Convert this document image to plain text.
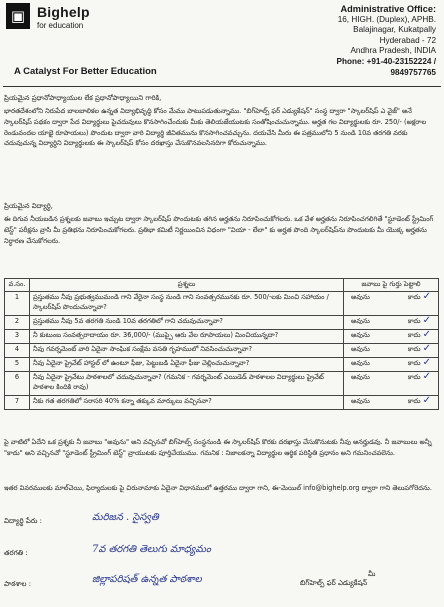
▣ Bighelp
for education
A Catalyst For Better Education
Administrative Office:
16, HIGH. (Duplex), APHB.
Balajinagar, Kukatpally
Hyderabad - 72
Andhra Pradesh, INDIA
Phone: +91-40-23152224 / 9849757765
ప్రియమైన ప్రధానోపాధ్యాయుల లేక ప్రధానోపాధ్యాయిని గారికి,
భారతదేశంలోని నిరుపేద బాలబాలికల ఉన్నత విద్యాభివృద్ధి కోసం మేము పాటుపడుతున్నాము. "బిగ్‌హెల్ప్ ఫర్ ఎడ్యుకేషన్" సంస్థ ద్వారా "స్కాలర్‌షిప్ ఎ వైజ్" అనే స్కాలర్‌షిప్ పథకం ద్వారా పేద విద్యార్థులు పైచదువులు కొనసాగించేందుకు మీకు తెలియజేయుటకు సంతోషించుచున్నాము. అర్హత గల విద్యార్థులకు రూ. 250/- (అక్షరాల రెండువందల యాభై రూపాయలు) పొందుట ద్వారా వారి విద్యార్థి జీవితమును కొనసాగించవచ్చును. దయచేసి మీరు ఈ పత్రములోని 5 నుండి 10వ తరగతి వరకు చదువుచున్న విద్యార్థిని విద్యార్థులకు ఈ స్కాలర్‌షిప్ కోసం దరఖాస్తు చేసుకొనవలసినదిగా కోరుచున్నాము.
ప్రియమైన విద్యార్థి,
ఈ దిగువ నీయబడిన ప్రశ్నలకు జవాబు ఇచ్చుట ద్వారా స్కాలర్‌షిప్ పొందుటకు తగిన అర్హతను నిరూపించుకోగలరు. ఒక వేళ అర్హతను నిరూపించగలిగితే "స్టూడెంట్ స్ట్రీమింగ్ టెస్ట్" పరీక్షను వ్రాసి మీ ప్రతిభను నిరూపించుకోగలరు. ప్రతిభా కమిటీ నిర్ణయించిన విధంగా "వియా - లేలా" కు అర్హత పొంది స్కాలర్‌షిప్‌ను పొందుటకు మీ యొక్క అర్హతను నిర్ధారణ చేసుకోగలరు.
వ.సం.	ప్రశ్నలు	జవాబు పై గుర్తు పెట్టాలి
1	ప్రస్తుతము నీవు ప్రభుత్వముమండి గాని వేరైనా సంస్థ నుండి గాని సంవత్సరమునకు రూ. 500/-లకు మించి సహాయం / స్కాలర్‌షిప్ పొందుచున్నావా?	అవును కాదు ✓

2	ప్రస్తుతము నీవు 5వ తరగతి నుండి 10వ తరగతిలో గాని చదువుచున్నావా?	అవును కాదు ✓

3	నీ కుటుంబ సంవత్సరాదాయం రూ. 36,000/- (ముప్పై ఆరు వేల రూపాయలు) మించియున్నదా?	అవును కాదు ✓

4	నీవు గవర్నమెంట్ వారి ఏదైనా సాంఘిక సంక్షేమ వసతి గృహములో నివసించుచున్నావా?	అవును కాదు ✓

5	నీవు ఏదైనా ప్రైవేట్ హాస్టల్ లో ఉంటూ ఫీజు, పెట్టుబడి ఏదైనా ఫీజు చెల్లించుచున్నావా?	అవును కాదు ✓

6	నీవు ఏదైనా ప్రైవేటు పాఠశాలలో చదువుచున్నావా? (గమనిక - గవర్నమెంట్ ఎయిడెడ్ పాఠశాలల విద్యార్థులు ప్రైవేట్ పాఠశాల కిందికి రావు)	అవును కాదు ✓

7	నీకు గత తరగతిలో సరాసరి 40% కన్నా తక్కువ మార్కులు వచ్చినవా?	అవును కాదు ✓
పై వాటిలో ఏదేని ఒక ప్రశ్నకు నీ జవాబు "అవును" అని వచ్చినచో బిగ్‌హెల్ప్ సంస్థనుండి ఈ స్కాలర్‌షిప్ కొరకు దరఖాస్తు చేసుకొనుటకు నీవు అనర్హుడవు. నీ జవాబులు అన్నీ "కాదు" అని వచ్చినచో "స్టూడెంట్ స్ట్రీమింగ్ టెస్ట్" వ్రాయుటకు పూర్తిచేయుము. గమనిక : నిజాలకన్నా విద్యార్థుల ఆర్థిక పరిస్థితి ప్రధానం అని గమనించవలెను.
ఇతర వివరములకు మాల్‌చెయి, ఫిర్యాదులకు పై చిరునామాకు ఏదైనా విధానములో ఉత్తరము ద్వారా గాని, ఈ-మెయిల్ info@bighelp.org ద్వారా గాని తెలుపగోరెదను.
విద్యార్థి పేరు :	మరిజన . సైస్వతి
తరగతి :	7వ తరగతి తెలుగు మాధ్యమం
పాఠశాల :	జిల్లాపరిషత్ ఉన్నత పాఠశాల	మీ
బిగ్‌హెల్ప్ ఫర్ ఎడ్యుకేషన్
